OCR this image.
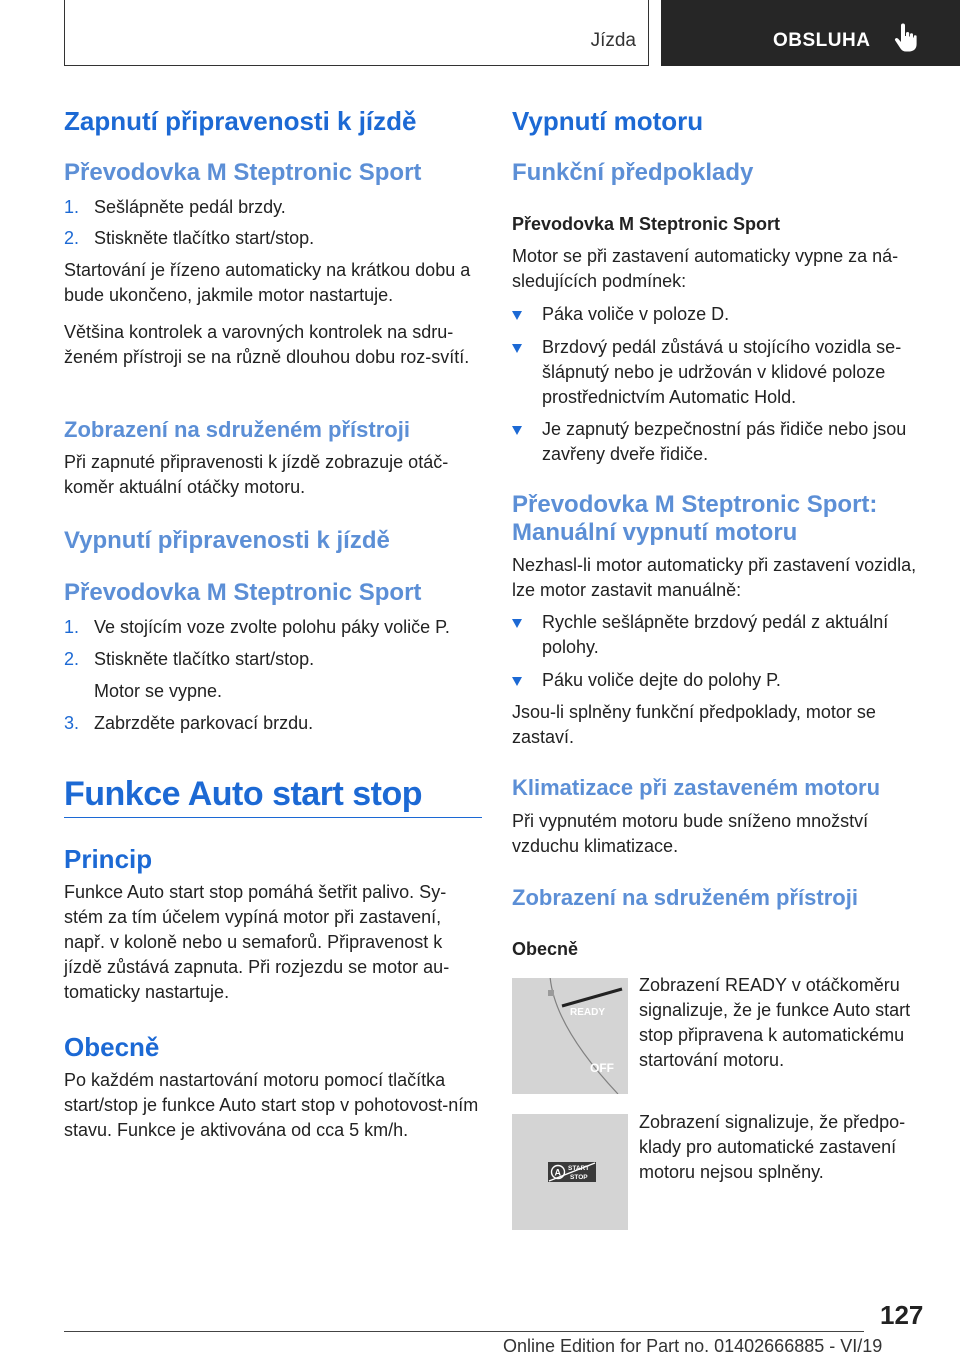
Jízda	OBSLUHA
Zapnutí připravenosti k jízdě
Převodovka M Steptronic Sport
1. Sešlápněte pedál brzdy.
2. Stiskněte tlačítko start/stop.
Startování je řízeno automaticky na krátkou dobu a bude ukončeno, jakmile motor nastartuje.
Většina kontrolek a varovných kontrolek na sdru‐ženém přístroji se na různě dlouhou dobu roz‐svítí.
Zobrazení na sdruženém přístroji
Při zapnuté připravenosti k jízdě zobrazuje otáč‐koměr aktuální otáčky motoru.
Vypnutí připravenosti k jízdě
Převodovka M Steptronic Sport
1. Ve stojícím voze zvolte polohu páky voliče P.
2. Stiskněte tlačítko start/stop.
Motor se vypne.
3. Zabrzděte parkovací brzdu.
Funkce Auto start stop
Princip
Funkce Auto start stop pomáhá šetřit palivo. Sy‐stém za tím účelem vypíná motor při zastavení, např. v koloně nebo u semaforů. Připravenost k jízdě zůstává zapnuta. Při rozjezdu se motor au‐tomaticky nastartuje.
Obecně
Po každém nastartování motoru pomocí tlačítka start/stop je funkce Auto start stop v pohotovost‐ním stavu. Funkce je aktivována od cca 5 km/h.
Vypnutí motoru
Funkční předpoklady
Převodovka M Steptronic Sport
Motor se při zastavení automaticky vypne za ná‐sledujících podmínek:
Páka voliče v poloze D.
Brzdový pedál zůstává u stojícího vozidla se‐šlápnutý nebo je udržován v klidové poloze prostřednictvím Automatic Hold.
Je zapnutý bezpečnostní pás řidiče nebo jsou zavřeny dveře řidiče.
Převodovka M Steptronic Sport: Manuální vypnutí motoru
Nezhasl-li motor automaticky při zastavení vozidla, lze motor zastavit manuálně:
Rychle sešlápněte brzdový pedál z aktuální polohy.
Páku voliče dejte do polohy P.
Jsou-li splněny funkční předpoklady, motor se zastaví.
Klimatizace při zastaveném motoru
Při vypnutém motoru bude sníženo množství vzduchu klimatizace.
Zobrazení na sdruženém přístroji
Obecně
READY
OFF
Zobrazení READY v otáčkoměru signalizuje, že je funkce Auto start stop připravena k automatickému startování motoru.
A START
STOP
Zobrazení signalizuje, že předpo‐klady pro automatické zastavení motoru nejsou splněny.
127
Online Edition for Part no. 01402666885 - VI/19
